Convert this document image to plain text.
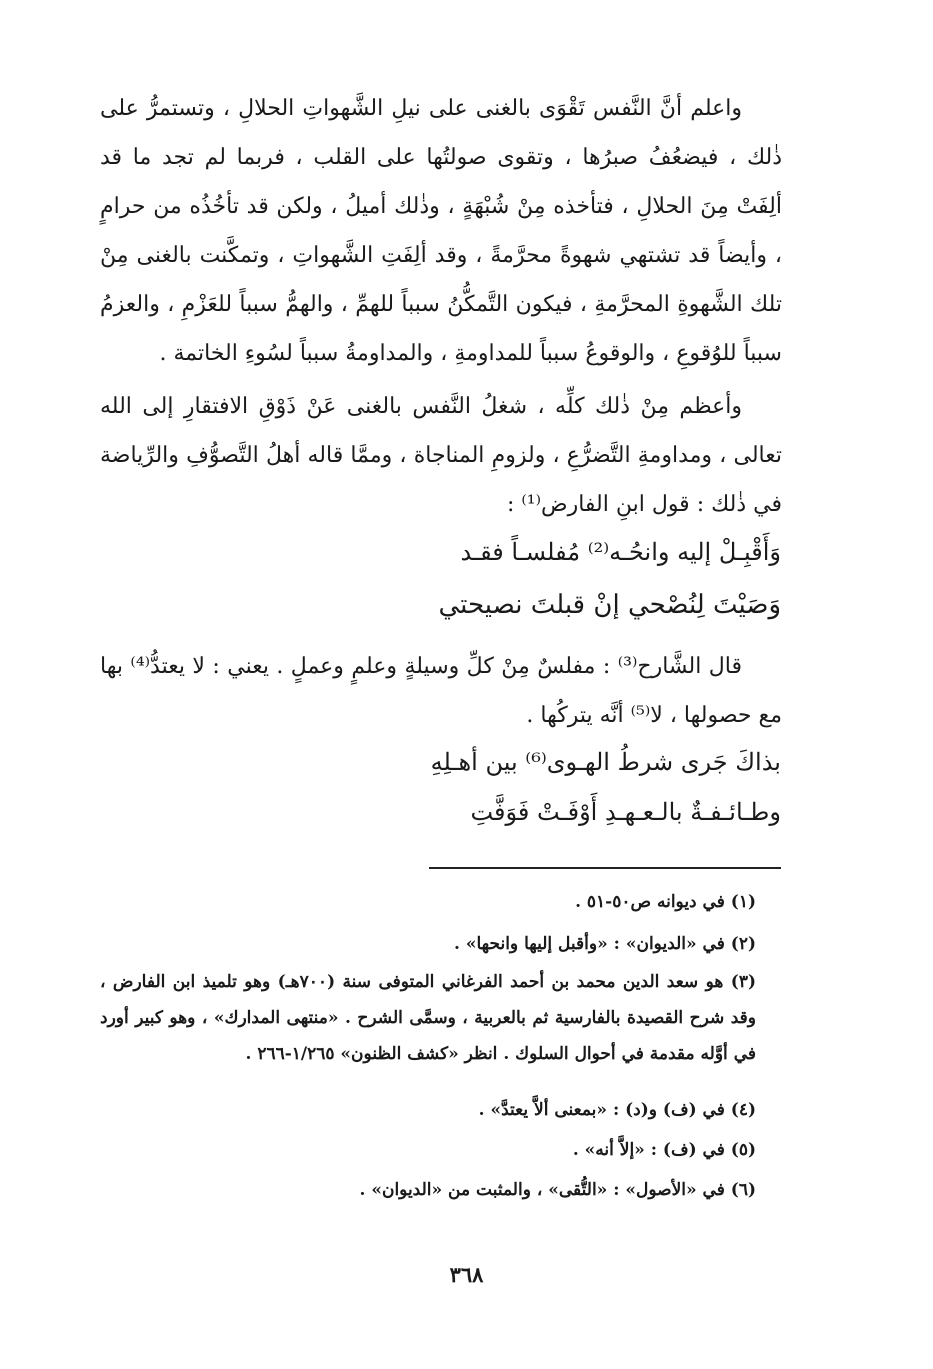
واعلم أنَّ النَّفس تَقْوَى بالغنى على نيلِ الشَّهواتِ الحلالِ ، وتستمرُّ على ذٰلك ، فيضعُفُ صبرُها ، وتقوى صولتُها على القلب ، فربما لم تجد ما قد ألِفَتْ مِنَ الحلالِ ، فتأخذه مِنْ شُبْهَةٍ ، وذٰلك أميلُ ، ولكن قد تأخُذُه من حرامٍ ، وأيضاً قد تشتهي شهوةً محرَّمةً ، وقد ألِفَتِ الشَّهواتِ ، وتمكَّنت بالغنى مِنْ تلك الشَّهوةِ المحرَّمةِ ، فيكون التَّمكُّنُ سبباً للهمِّ ، والهمُّ سبباً للعَزْمِ ، والعزمُ سبباً للوُقوعِ ، والوقوعُ سبباً للمداومةِ ، والمداومةُ سبباً لسُوءِ الخاتمة .

وأعظم مِنْ ذٰلك كلِّه ، شغلُ النَّفس بالغنى عَنْ ذَوْقِ الافتقارِ إلى الله تعالى ، ومداومةِ التَّضرُّعِ ، ولزومِ المناجاة ، وممَّا قاله أهلُ التَّصوُّفِ والرِّياضة في ذٰلك : قول ابنِ الفارض⁽¹⁾ :

وَأَقْبِـلْ إليه وانحُـه⁽²⁾ مُفلسـاً فقـد
وَصَيْتَ لِنُصْحي إنْ قبلتَ نصيحتي

قال الشَّارح⁽³⁾ : مفلسٌ مِنْ كلِّ وسيلةٍ وعلمٍ وعملٍ . يعني : لا يعتدُّ⁽⁴⁾ بها مع حصولها ، لا⁽⁵⁾ أنَّه يتركُها .

بذاكَ جَرى شرطُ الهـوى⁽⁶⁾ بين أهـلِهِ
وطـائـفـةٌ بالـعـهـدِ أَوْفَـتْ فَوَفَّتِ
(١) في ديوانه ص٥٠-٥١ .
(٢) في «الديوان» : «وأقبل إليها وانحها» .
(٣) هو سعد الدين محمد بن أحمد الفرغاني المتوفى سنة (٧٠٠هـ) وهو تلميذ ابن الفارض ، وقد شرح القصيدة بالفارسية ثم بالعربية ، وسمَّى الشرح . «منتهى المدارك» ، وهو كبير أورد في أوَّله مقدمة في أحوال السلوك . انظر «كشف الظنون» ١/٢٦٥-٢٦٦ .
(٤) في (ف) و(د) : «بمعنى ألاَّ يعتدَّ» .
(٥) في (ف) : «إلاَّ أنه» .
(٦) في «الأصول» : «التُّقى» ، والمثبت من «الديوان» .
٣٦٨
